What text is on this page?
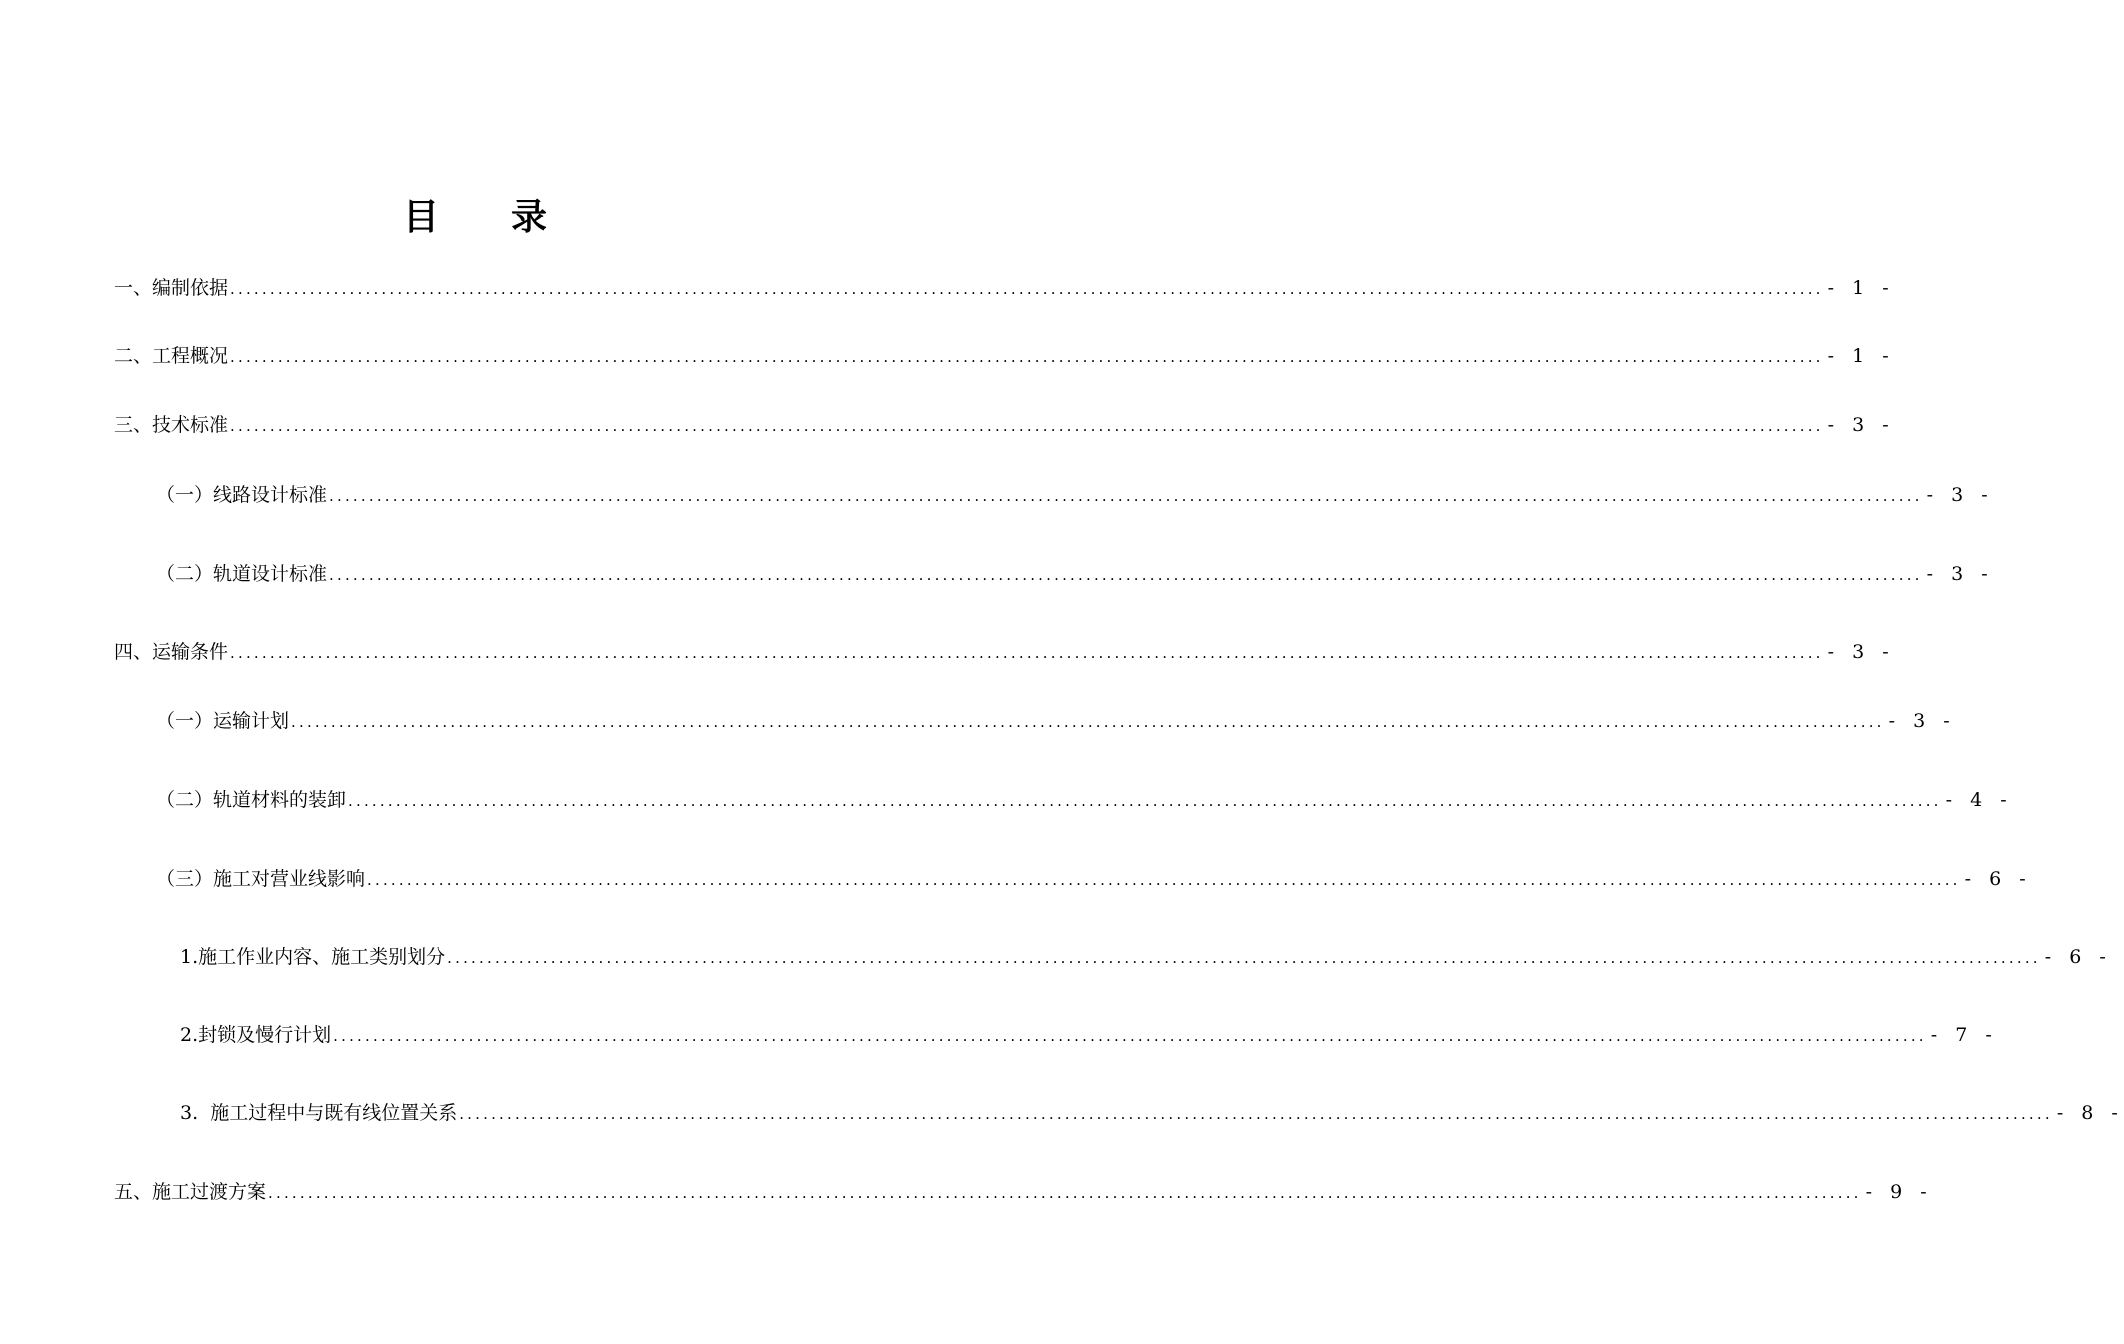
目 录
一、编制依据 ........................................................................................................................................................................................................ - 1 -
二、工程概况 ........................................................................................................................................................................................................ - 1 -
三、技术标准 ........................................................................................................................................................................................................ - 3 -
（一）线路设计标准 ........................................................................................................................................................................................................ - 3 -
（二）轨道设计标准 ........................................................................................................................................................................................................ - 3 -
四、运输条件 ........................................................................................................................................................................................................ - 3 -
（一）运输计划 ........................................................................................................................................................................................................ - 3 -
（二）轨道材料的装卸 ........................................................................................................................................................................................................ - 4 -
（三）施工对营业线影响 ........................................................................................................................................................................................................ - 6 -
1.施工作业内容、施工类别划分 ........................................................................................................................................................................................................ - 6 -
2.封锁及慢行计划 ........................................................................................................................................................................................................ - 7 -
3.  施工过程中与既有线位置关系 ........................................................................................................................................................................................................ - 8 -
五、施工过渡方案 ........................................................................................................................................................................................................ - 9 -
